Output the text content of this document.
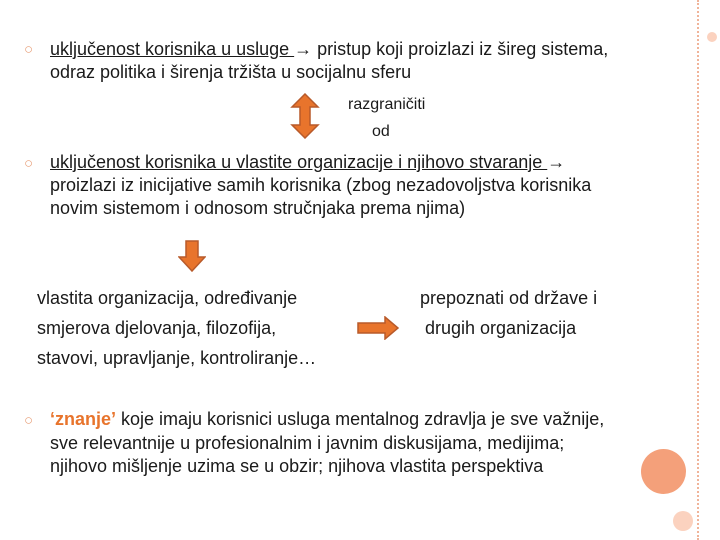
○ uključenost korisnika u usluge → pristup koji proizlazi iz šireg sistema,
odraz politika i širenja tržišta u socijalnu sferu
razgraničiti
od
○ uključenost korisnika u vlastite organizacije i njihovo stvaranje →
proizlazi iz inicijative samih korisnika (zbog nezadovoljstva korisnika
novim sistemom i odnosom stručnjaka prema njima)
vlastita organizacija, određivanje
smjerova djelovanja, filozofija,
stavovi, upravljanje, kontroliranje…
prepoznati od države i
drugih organizacija
○ ‘znanje’ koje imaju korisnici usluga mentalnog zdravlja je sve važnije,
sve relevantnije u profesionalnim i javnim diskusijama, medijima;
njihovo mišljenje uzima se u obzir; njihova vlastita perspektiva
